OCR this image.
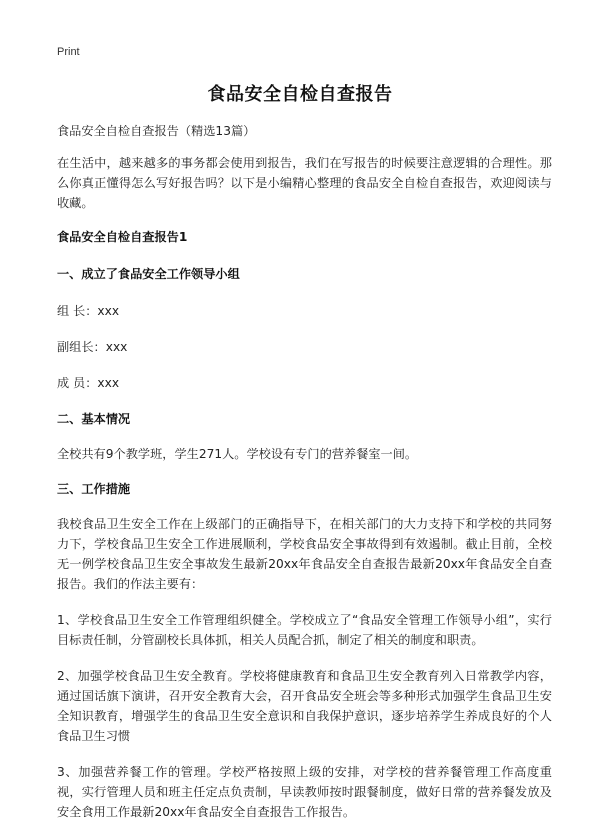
Print
食品安全自检自查报告

食品安全自检自查报告（精选13篇）

在生活中，越来越多的事务都会使用到报告，我们在写报告的时候要注意逻辑的合理性。那么你真正懂得怎么写好报告吗？以下是小编精心整理的食品安全自检自查报告，欢迎阅读与收藏。

食品安全自检自查报告1

一、成立了食品安全工作领导小组

组 长：xxx

副组长：xxx

成 员：xxx

二、基本情况

全校共有9个教学班，学生271人。学校设有专门的营养餐室一间。

三、工作措施

我校食品卫生安全工作在上级部门的正确指导下，在相关部门的大力支持下和学校的共同努力下，学校食品卫生安全工作进展顺利，学校食品安全事故得到有效遏制。截止目前，全校无一例学校食品卫生安全事故发生最新20xx年食品安全自查报告最新20xx年食品安全自查报告。我们的作法主要有：

1、学校食品卫生安全工作管理组织健全。学校成立了“食品安全管理工作领导小组”，实行目标责任制，分管副校长具体抓，相关人员配合抓，制定了相关的制度和职责。

2、加强学校食品卫生安全教育。学校将健康教育和食品卫生安全教育列入日常教学内容，通过国话旗下演讲，召开安全教育大会，召开食品安全班会等多种形式加强学生食品卫生安全知识教育，增强学生的食品卫生安全意识和自我保护意识，逐步培养学生养成良好的个人食品卫生习惯

3、加强营养餐工作的管理。学校严格按照上级的安排，对学校的营养餐管理工作高度重视，实行管理人员和班主任定点负责制，早读教师按时跟餐制度，做好日常的营养餐发放及安全食用工作最新20xx年食品安全自查报告工作报告。
